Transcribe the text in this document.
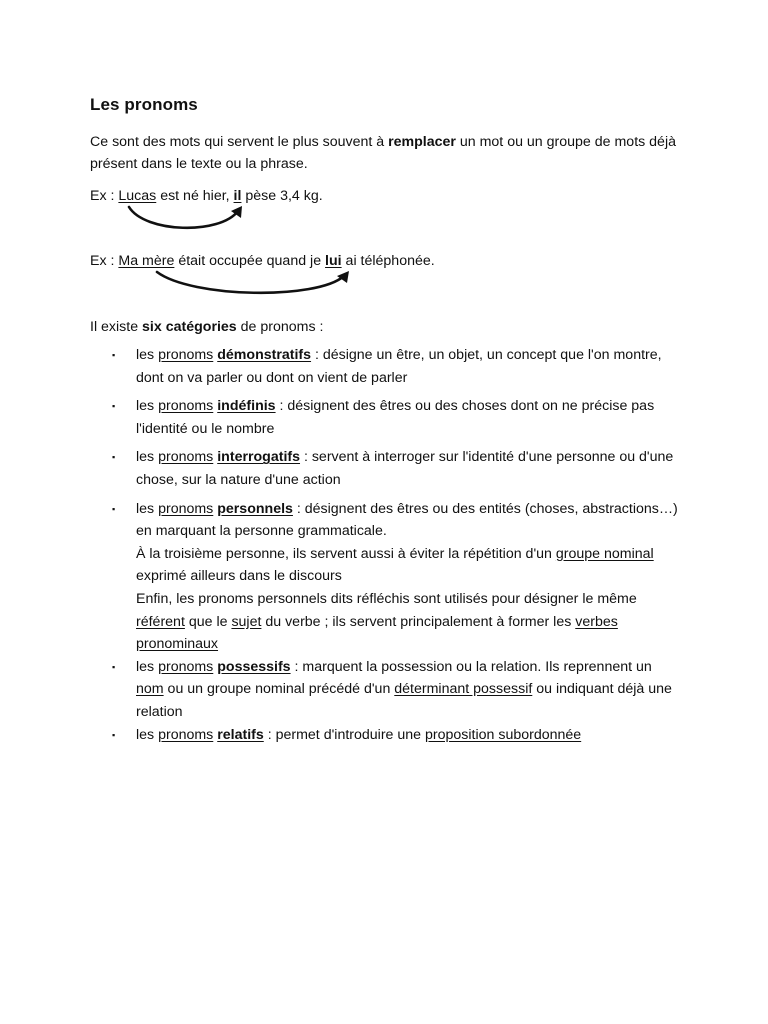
Les pronoms
Ce sont des mots qui servent le plus souvent à remplacer un mot ou un groupe de mots déjà présent dans le texte ou la phrase.
Ex : Lucas est né hier, il pèse 3,4 kg.
Ex : Ma mère était occupée quand je lui ai téléphonée.
Il existe six catégories de pronoms :
▪ les pronoms démonstratifs : désigne un être, un objet, un concept que l'on montre, dont on va parler ou dont on vient de parler
▪ les pronoms indéfinis : désignent des êtres ou des choses dont on ne précise pas l'identité ou le nombre
▪ les pronoms interrogatifs : servent à interroger sur l'identité d'une personne ou d'une chose, sur la nature d'une action
▪ les pronoms personnels : désignent des êtres ou des entités (choses, abstractions…) en marquant la personne grammaticale.
À la troisième personne, ils servent aussi à éviter la répétition d'un groupe nominal exprimé ailleurs dans le discours
Enfin, les pronoms personnels dits réfléchis sont utilisés pour désigner le même référent que le sujet du verbe ; ils servent principalement à former les verbes pronominaux
▪ les pronoms possessifs : marquent la possession ou la relation. Ils reprennent un nom ou un groupe nominal précédé d'un déterminant possessif ou indiquant déjà une relation
▪ les pronoms relatifs : permet d'introduire une proposition subordonnée
